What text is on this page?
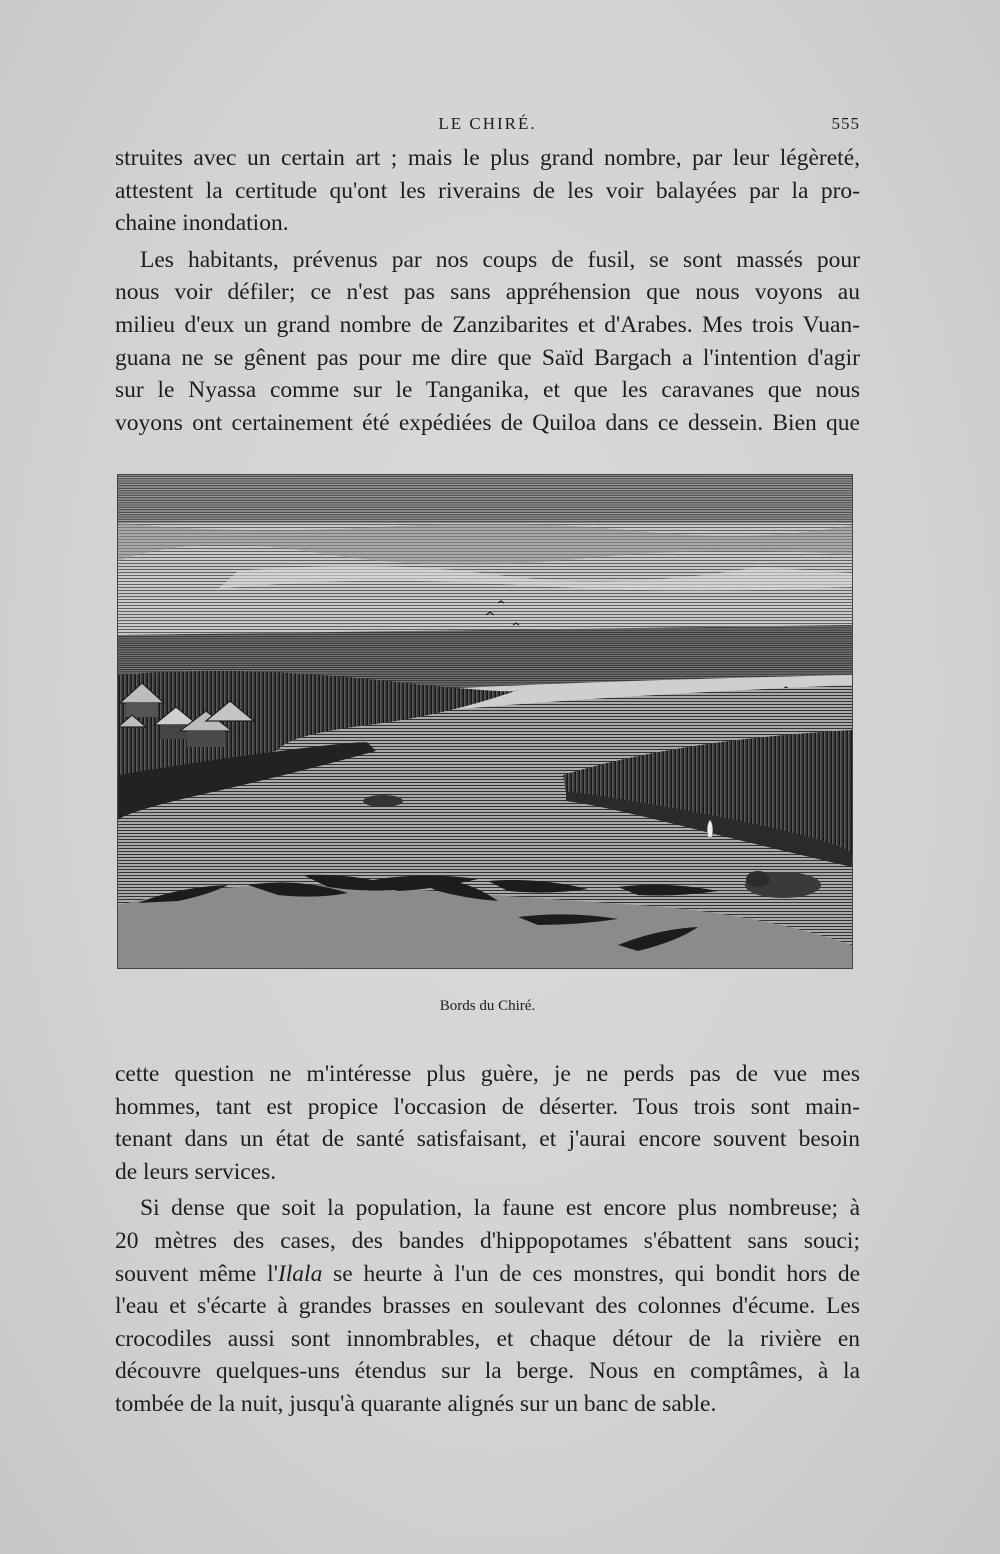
LE CHIRÉ.	555

struites avec un certain art ; mais le plus grand nombre, par leur légèreté,
attestent la certitude qu'ont les riverains de les voir balayées par la pro-
chaine inondation.

Les habitants, prévenus par nos coups de fusil, se sont massés pour
nous voir défiler; ce n'est pas sans appréhension que nous voyons au
milieu d'eux un grand nombre de Zanzibarites et d'Arabes. Mes trois Vuan-
guana ne se gênent pas pour me dire que Saïd Bargach a l'intention d'agir
sur le Nyassa comme sur le Tanganika, et que les caravanes que nous
voyons ont certainement été expédiées de Quiloa dans ce dessein. Bien que

Bords du Chiré.

cette question ne m'intéresse plus guère, je ne perds pas de vue mes
hommes, tant est propice l'occasion de déserter. Tous trois sont main-
tenant dans un état de santé satisfaisant, et j'aurai encore souvent besoin
de leurs services.

Si dense que soit la population, la faune est encore plus nombreuse; à
20 mètres des cases, des bandes d'hippopotames s'ébattent sans souci;
souvent même l'Ilala se heurte à l'un de ces monstres, qui bondit hors de
l'eau et s'écarte à grandes brasses en soulevant des colonnes d'écume. Les
crocodiles aussi sont innombrables, et chaque détour de la rivière en
découvre quelques-uns étendus sur la berge. Nous en comptâmes, à la
tombée de la nuit, jusqu'à quarante alignés sur un banc de sable.
